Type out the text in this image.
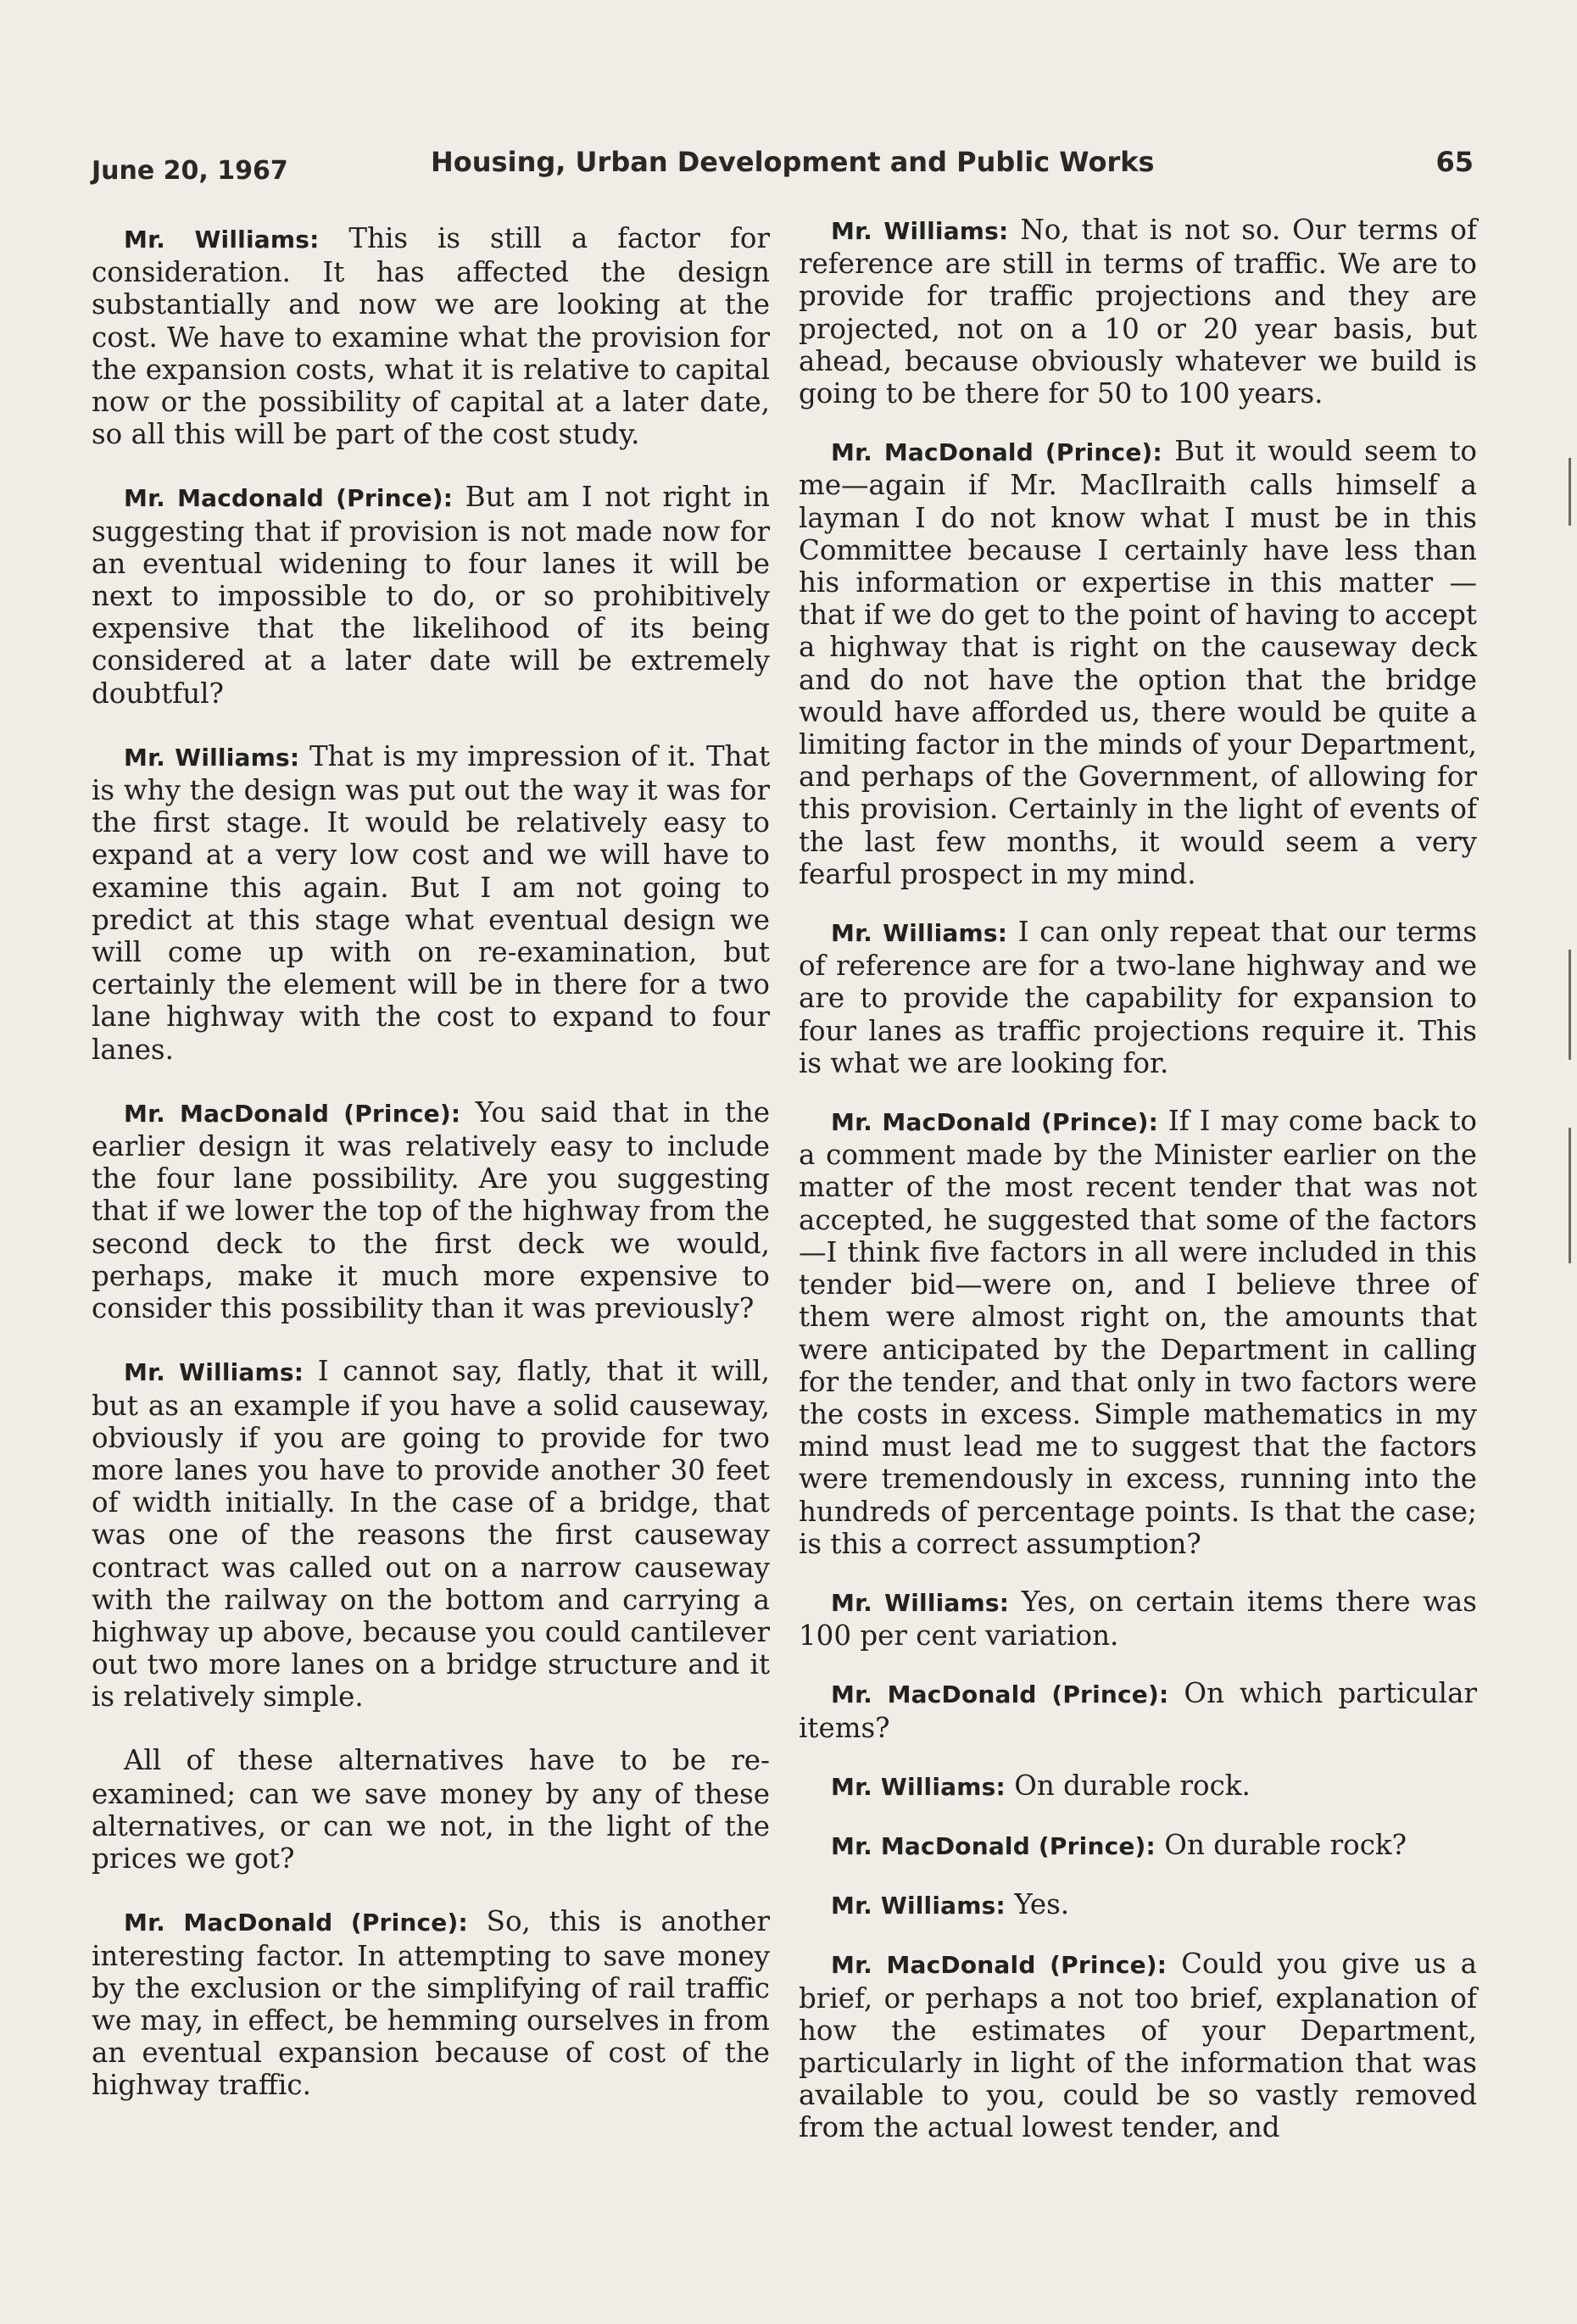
June 20, 1967	Housing, Urban Development and Public Works	65

Mr. Williams: This is still a factor for consideration. It has affected the design substantially and now we are looking at the cost. We have to examine what the provision for the expansion costs, what it is relative to capital now or the possibility of capital at a later date, so all this will be part of the cost study.

Mr. Macdonald (Prince): But am I not right in suggesting that if provision is not made now for an eventual widening to four lanes it will be next to impossible to do, or so prohibitively expensive that the likelihood of its being considered at a later date will be extremely doubtful?

Mr. Williams: That is my impression of it. That is why the design was put out the way it was for the first stage. It would be relatively easy to expand at a very low cost and we will have to examine this again. But I am not going to predict at this stage what eventual design we will come up with on re-examination, but certainly the element will be in there for a two lane highway with the cost to expand to four lanes.

Mr. MacDonald (Prince): You said that in the earlier design it was relatively easy to include the four lane possibility. Are you suggesting that if we lower the top of the highway from the second deck to the first deck we would, perhaps, make it much more expensive to consider this possibility than it was previously?

Mr. Williams: I cannot say, flatly, that it will, but as an example if you have a solid causeway, obviously if you are going to provide for two more lanes you have to provide another 30 feet of width initially. In the case of a bridge, that was one of the reasons the first causeway contract was called out on a narrow causeway with the railway on the bottom and carrying a highway up above, because you could cantilever out two more lanes on a bridge structure and it is relatively simple.

All of these alternatives have to be re-examined; can we save money by any of these alternatives, or can we not, in the light of the prices we got?

Mr. MacDonald (Prince): So, this is another interesting factor. In attempting to save money by the exclusion or the simplifying of rail traffic we may, in effect, be hemming ourselves in from an eventual expansion because of cost of the highway traffic.

Mr. Williams: No, that is not so. Our terms of reference are still in terms of traffic. We are to provide for traffic projections and they are projected, not on a 10 or 20 year basis, but ahead, because obviously whatever we build is going to be there for 50 to 100 years.

Mr. MacDonald (Prince): But it would seem to me—again if Mr. MacIlraith calls himself a layman I do not know what I must be in this Committee because I certainly have less than his information or expertise in this matter —that if we do get to the point of having to accept a highway that is right on the causeway deck and do not have the option that the bridge would have afforded us, there would be quite a limiting factor in the minds of your Department, and perhaps of the Government, of allowing for this provision. Certainly in the light of events of the last few months, it would seem a very fearful prospect in my mind.

Mr. Williams: I can only repeat that our terms of reference are for a two-lane highway and we are to provide the capability for expansion to four lanes as traffic projections require it. This is what we are looking for.

Mr. MacDonald (Prince): If I may come back to a comment made by the Minister earlier on the matter of the most recent tender that was not accepted, he suggested that some of the factors—I think five factors in all were included in this tender bid—were on, and I believe three of them were almost right on, the amounts that were anticipated by the Department in calling for the tender, and that only in two factors were the costs in excess. Simple mathematics in my mind must lead me to suggest that the factors were tremendously in excess, running into the hundreds of percentage points. Is that the case; is this a correct assumption?

Mr. Williams: Yes, on certain items there was 100 per cent variation.

Mr. MacDonald (Prince): On which particular items?

Mr. Williams: On durable rock.

Mr. MacDonald (Prince): On durable rock?

Mr. Williams: Yes.

Mr. MacDonald (Prince): Could you give us a brief, or perhaps a not too brief, explanation of how the estimates of your Department, particularly in light of the information that was available to you, could be so vastly removed from the actual lowest tender, and
